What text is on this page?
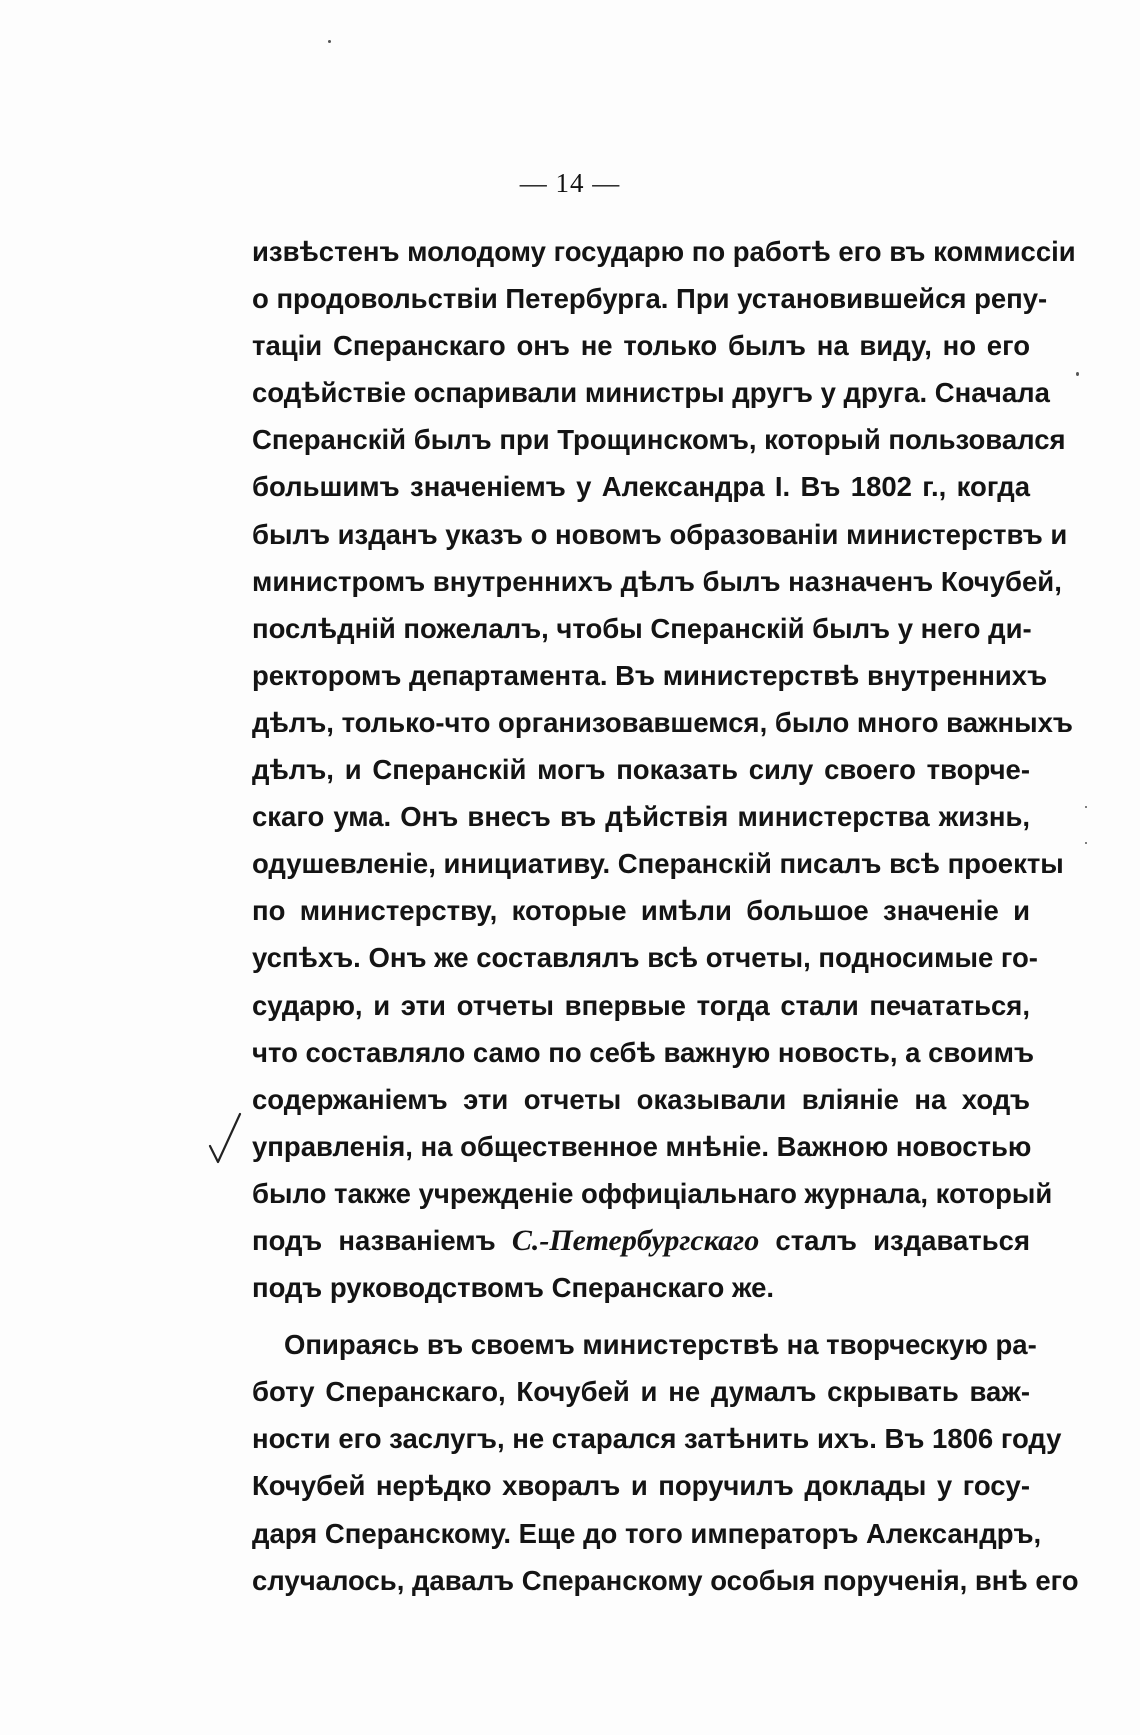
— 14 —
извѣстенъ молодому государю по работѣ его въ коммиссіи
о продовольствіи Петербурга. При установившейся репу-
таціи Сперанскаго онъ не только былъ на виду, но его
содѣйствіе оспаривали министры другъ у друга. Сначала
Сперанскій былъ при Трощинскомъ, который пользовался
большимъ значеніемъ у Александра I. Въ 1802 г., когда
былъ изданъ указъ о новомъ образованіи министерствъ и
министромъ внутреннихъ дѣлъ былъ назначенъ Кочубей,
послѣдній пожелалъ, чтобы Сперанскій былъ у него ди-
ректоромъ департамента. Въ министерствѣ внутреннихъ
дѣлъ, только-что организовавшемся, было много важныхъ
дѣлъ, и Сперанскій могъ показать силу своего творче-
скаго ума. Онъ внесъ въ дѣйствія министерства жизнь,
одушевленіе, инициативу. Сперанскій писалъ всѣ проекты
по министерству, которые имѣли большое значеніе и
успѣхъ. Онъ же составлялъ всѣ отчеты, подносимые го-
сударю, и эти отчеты впервые тогда стали печататься,
что составляло само по себѣ важную новость, а своимъ
содержаніемъ эти отчеты оказывали вліяніе на ходъ
управленія, на общественное мнѣніе. Важною новостью
было также учрежденіе оффиціальнаго журнала, который
подъ названіемъ С.-Петербургскаго сталъ издаваться
подъ руководствомъ Сперанскаго же.
Опираясь въ своемъ министерствѣ на творческую ра-
боту Сперанскаго, Кочубей и не думалъ скрывать важ-
ности его заслугъ, не старался затѣнить ихъ. Въ 1806 году
Кочубей нерѣдко хворалъ и поручилъ доклады у госу-
даря Сперанскому. Еще до того императоръ Александръ,
случалось, давалъ Сперанскому особыя порученія, внѣ его
